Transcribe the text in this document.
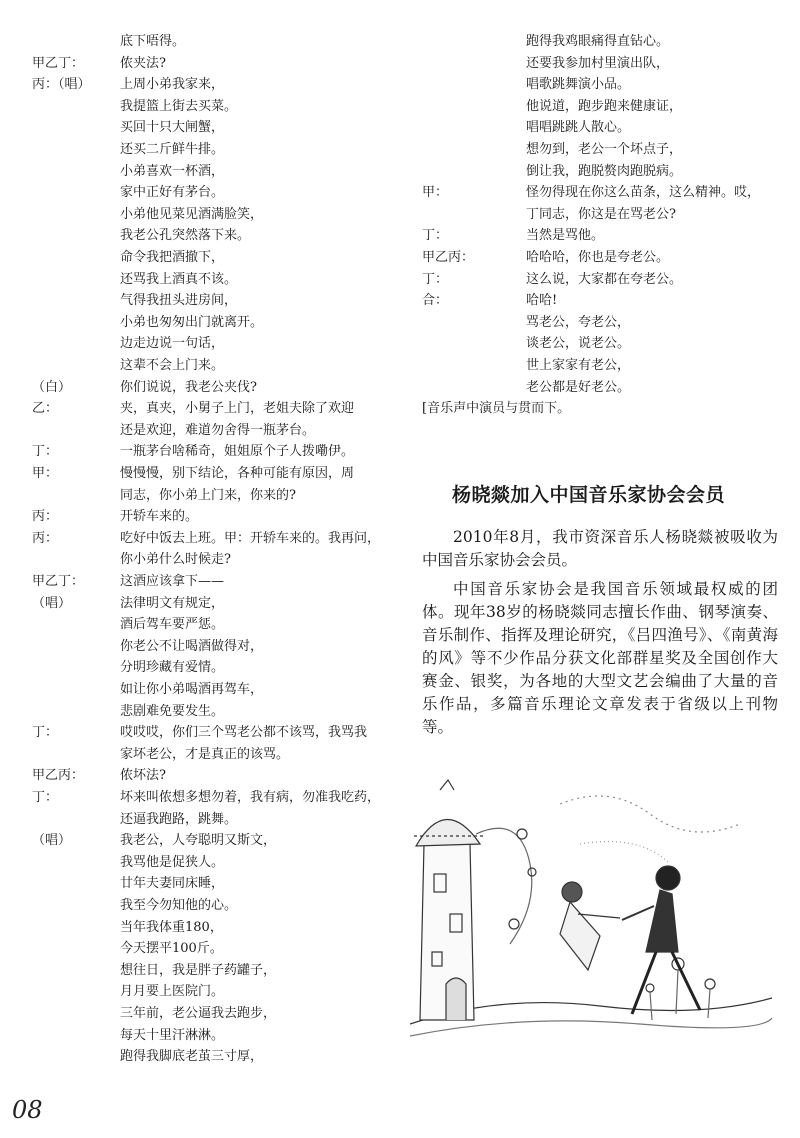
底下唔得。
甲乙丁：	侬夹法?
丙：（唱） 上周小弟我家来，
我提篮上街去买菜。
买回十只大闸蟹，
还买二斤鲜牛排。
小弟喜欢一杯酒，
家中正好有茅台。
小弟他见菜见酒满脸笑，
我老公孔突然落下来。
命令我把酒撤下，
还骂我上酒真不该。
气得我扭头进房间，
小弟也匆匆出门就离开。
边走边说一句话，
这辈不会上门来。
（白）	你们说说，我老公夹伐?
乙：	夹，真夹，小舅子上门，老姐夫除了欢迎
还是欢迎，难道勿舍得一瓶茅台。
丁：	一瓶茅台啥稀奇，姐姐原个子人拨嘞伊。
甲：	慢慢慢，别下结论，各种可能有原因，周
同志，你小弟上门来，你来的?
丙：	开轿车来的。
丙：	吃好中饭去上班。甲：开轿车来的。我再问，
你小弟什么时候走?
甲乙丁：	这酒应该拿下——
（唱）	法律明文有规定，
酒后驾车要严惩。
你老公不让喝酒做得对，
分明珍藏有爱情。
如让你小弟喝酒再驾车，
悲剧难免要发生。
丁：	哎哎哎，你们三个骂老公都不该骂，我骂我
家坏老公，才是真正的该骂。
甲乙丙：	侬坏法?
丁：	坏来叫侬想多想勿着，我有病，勿准我吃药，
还逼我跑路，跳舞。
（唱）	我老公，人夸聪明又斯文，
我骂他是促狭人。
廿年夫妻同床睡，
我至今勿知他的心。
当年我体重180，
今天摆平100斤。
想往日，我是胖子药罐子，
月月要上医院门。
三年前，老公逼我去跑步，
每天十里汗淋淋。
跑得我脚底老茧三寸厚，
跑得我鸡眼痛得直钻心。
还要我参加村里演出队，
唱歌跳舞演小品。
他说道，跑步跑来健康证，
唱唱跳跳人散心。
想勿到，老公一个坏点子，
倒让我，跑脱赘肉跑脱病。
甲：	怪勿得现在你这么苗条，这么精神。哎，
丁同志，你这是在骂老公?
丁：	当然是骂他。
甲乙丙：	哈哈哈，你也是夸老公。
丁：	这么说，大家都在夸老公。
合：	哈哈!
骂老公，夸老公，
谈老公，说老公。
世上家家有老公，
老公都是好老公。
[音乐声中演员与贯而下。
杨晓燚加入中国音乐家协会会员
2010年8月，我市资深音乐人杨晓燚被吸收为中国音乐家协会会员。
中国音乐家协会是我国音乐领域最权威的团体。现年38岁的杨晓燚同志擅长作曲、钢琴演奏、音乐制作、指挥及理论研究，《吕四渔号》、《南黄海的风》等不少作品分获文化部群星奖及全国创作大赛金、银奖，为各地的大型文艺会编曲了大量的音乐作品，多篇音乐理论文章发表于省级以上刊物等。
08
